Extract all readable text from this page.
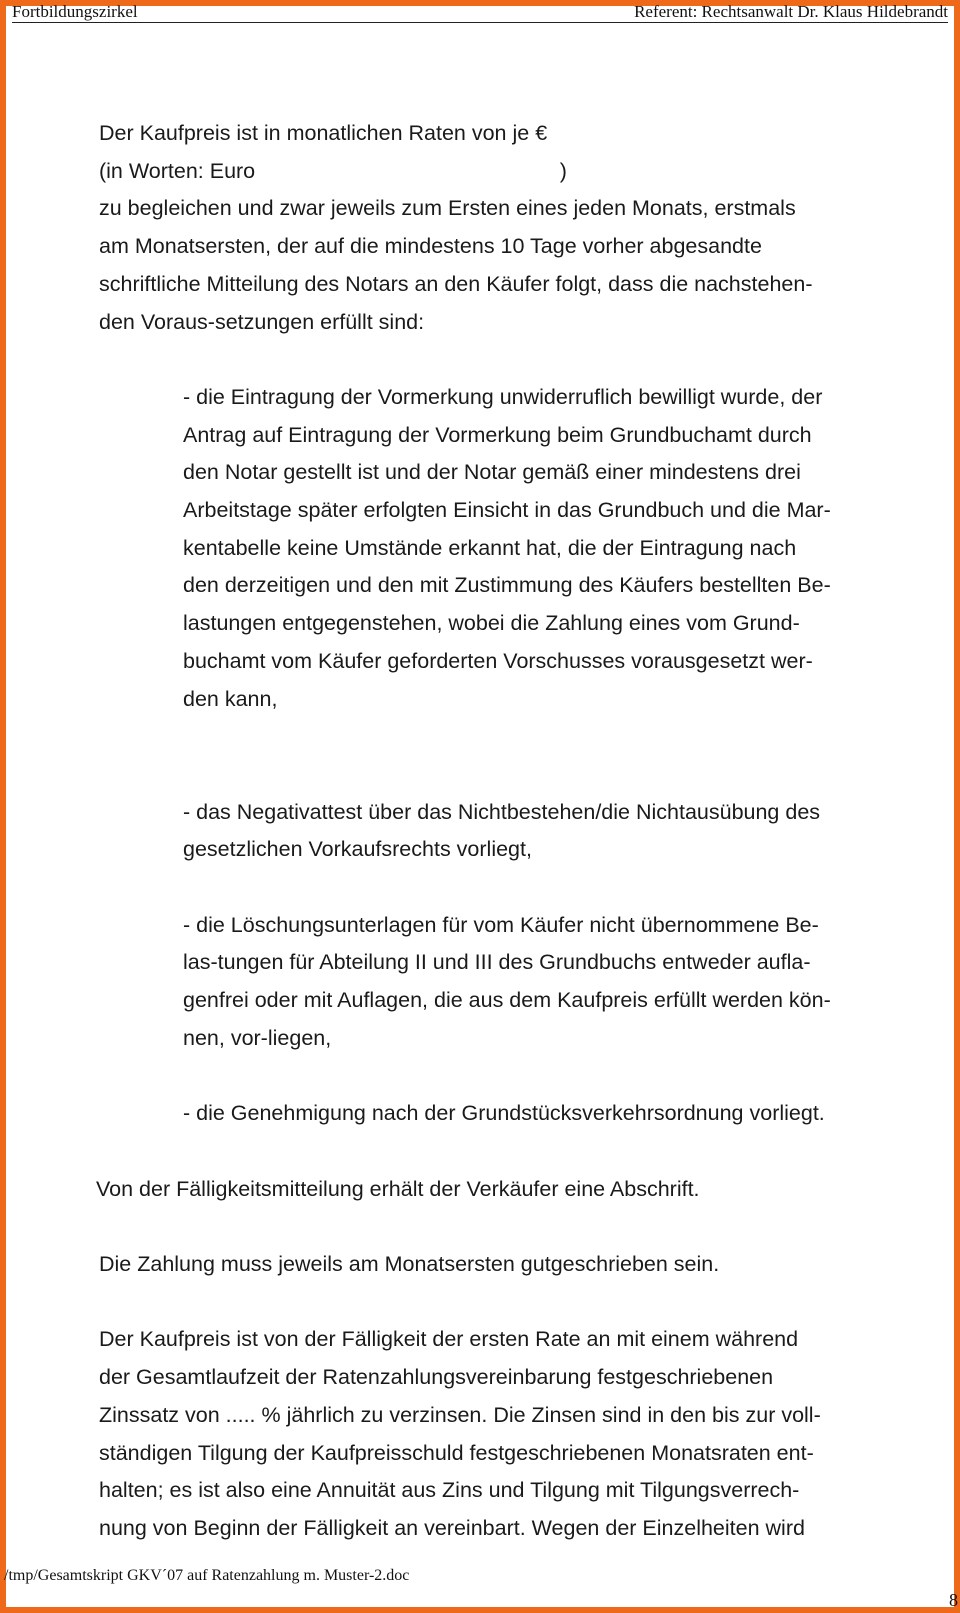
Fortbildungszirkel	Referent: Rechtsanwalt Dr. Klaus Hildebrandt

Der Kaufpreis ist in monatlichen Raten von je €
(in Worten: Euro                                                   )
zu begleichen und zwar jeweils zum Ersten eines jeden Monats, erstmals
am Monatsersten, der auf die mindestens 10 Tage vorher abgesandte
schriftliche Mitteilung des Notars an den Käufer folgt, dass die nachstehen-
den Voraus-setzungen erfüllt sind:

- die Eintragung der Vormerkung unwiderruflich bewilligt wurde, der
Antrag auf Eintragung der Vormerkung beim Grundbuchamt durch
den Notar gestellt ist und der Notar gemäß einer mindestens drei
Arbeitstage später erfolgten Einsicht in das Grundbuch und die Mar-
kentabelle keine Umstände erkannt hat, die der Eintragung nach
den derzeitigen und den mit Zustimmung des Käufers bestellten Be-
lastungen entgegenstehen, wobei die Zahlung eines vom Grund-
buchamt vom Käufer geforderten Vorschusses vorausgesetzt wer-
den kann,

- das Negativattest über das Nichtbestehen/die Nichtausübung des
gesetzlichen Vorkaufsrechts vorliegt,

- die Löschungsunterlagen für vom Käufer nicht übernommene Be-
las-tungen für Abteilung II und III des Grundbuchs entweder aufla-
genfrei oder mit Auflagen, die aus dem Kaufpreis erfüllt werden kön-
nen, vor-liegen,

- die Genehmigung nach der Grundstücksverkehrsordnung vorliegt.

Von der Fälligkeitsmitteilung erhält der Verkäufer eine Abschrift.

Die Zahlung muss jeweils am Monatsersten gutgeschrieben sein.

Der Kaufpreis ist von der Fälligkeit der ersten Rate an mit einem während
der Gesamtlaufzeit der Ratenzahlungsvereinbarung festgeschriebenen
Zinssatz von ..... % jährlich zu verzinsen. Die Zinsen sind in den bis zur voll-
ständigen Tilgung der Kaufpreisschuld festgeschriebenen Monatsraten ent-
halten; es ist also eine Annuität aus Zins und Tilgung mit Tilgungsverrech-
nung von Beginn der Fälligkeit an vereinbart. Wegen der Einzelheiten wird

/tmp/Gesamtskript GKV´07 auf Ratenzahlung m. Muster-2.doc
8
